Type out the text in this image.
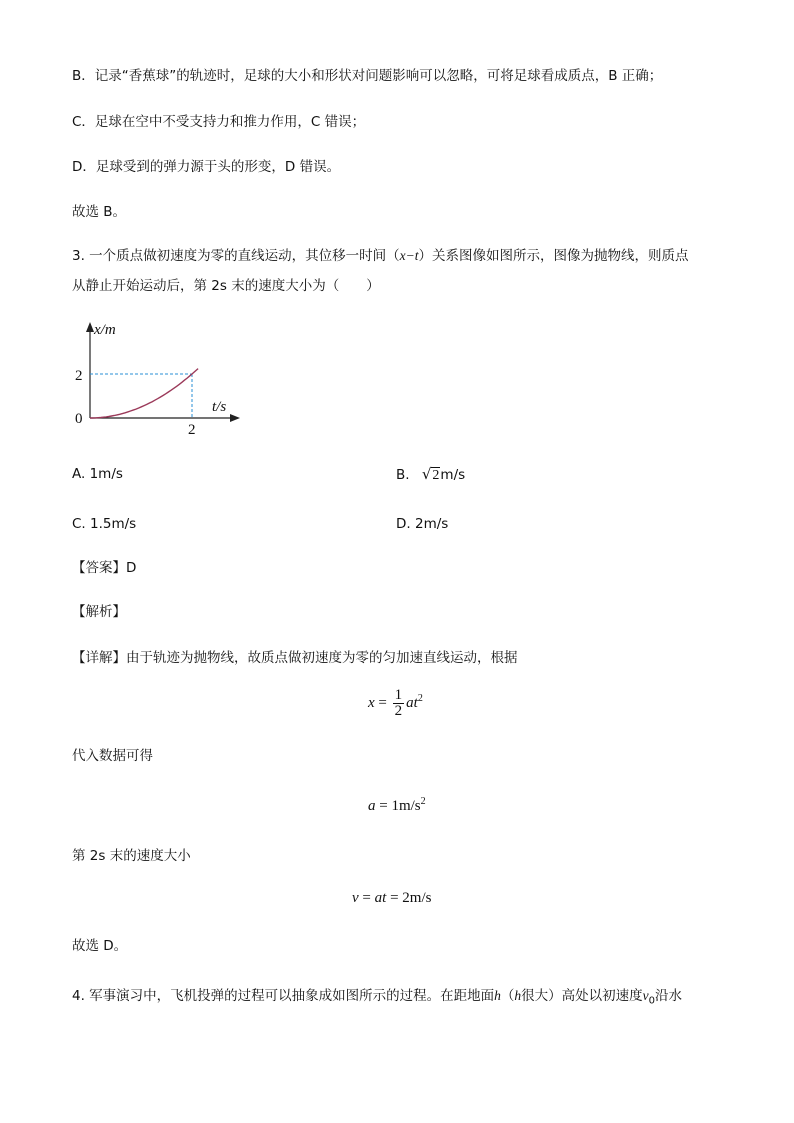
B．记录“香蕉球”的轨迹时，足球的大小和形状对问题影响可以忽略，可将足球看成质点，B 正确；
C．足球在空中不受支持力和推力作用，C 错误；
D．足球受到的弹力源于头的形变，D 错误。
故选 B。
3. 一个质点做初速度为零的直线运动，其位移一时间（x−t）关系图像如图所示，图像为抛物线，则质点
从静止开始运动后，第 2s 末的速度大小为（　　）
x/m
t/s
0
2
2
A. 1m/s	B. √2m/s
C. 1.5m/s	D. 2m/s
【答案】D
【解析】
【详解】由于轨迹为抛物线，故质点做初速度为零的匀加速直线运动，根据
$x = \frac{1}{2} at^2$
代入数据可得
$a = 1m/s^2$
第 2s 末的速度大小
v = at = 2m/s
故选 D。
4. 军事演习中，飞机投弹的过程可以抽象成如图所示的过程。在距地面h（h很大）高处以初速度$v_0$沿水
